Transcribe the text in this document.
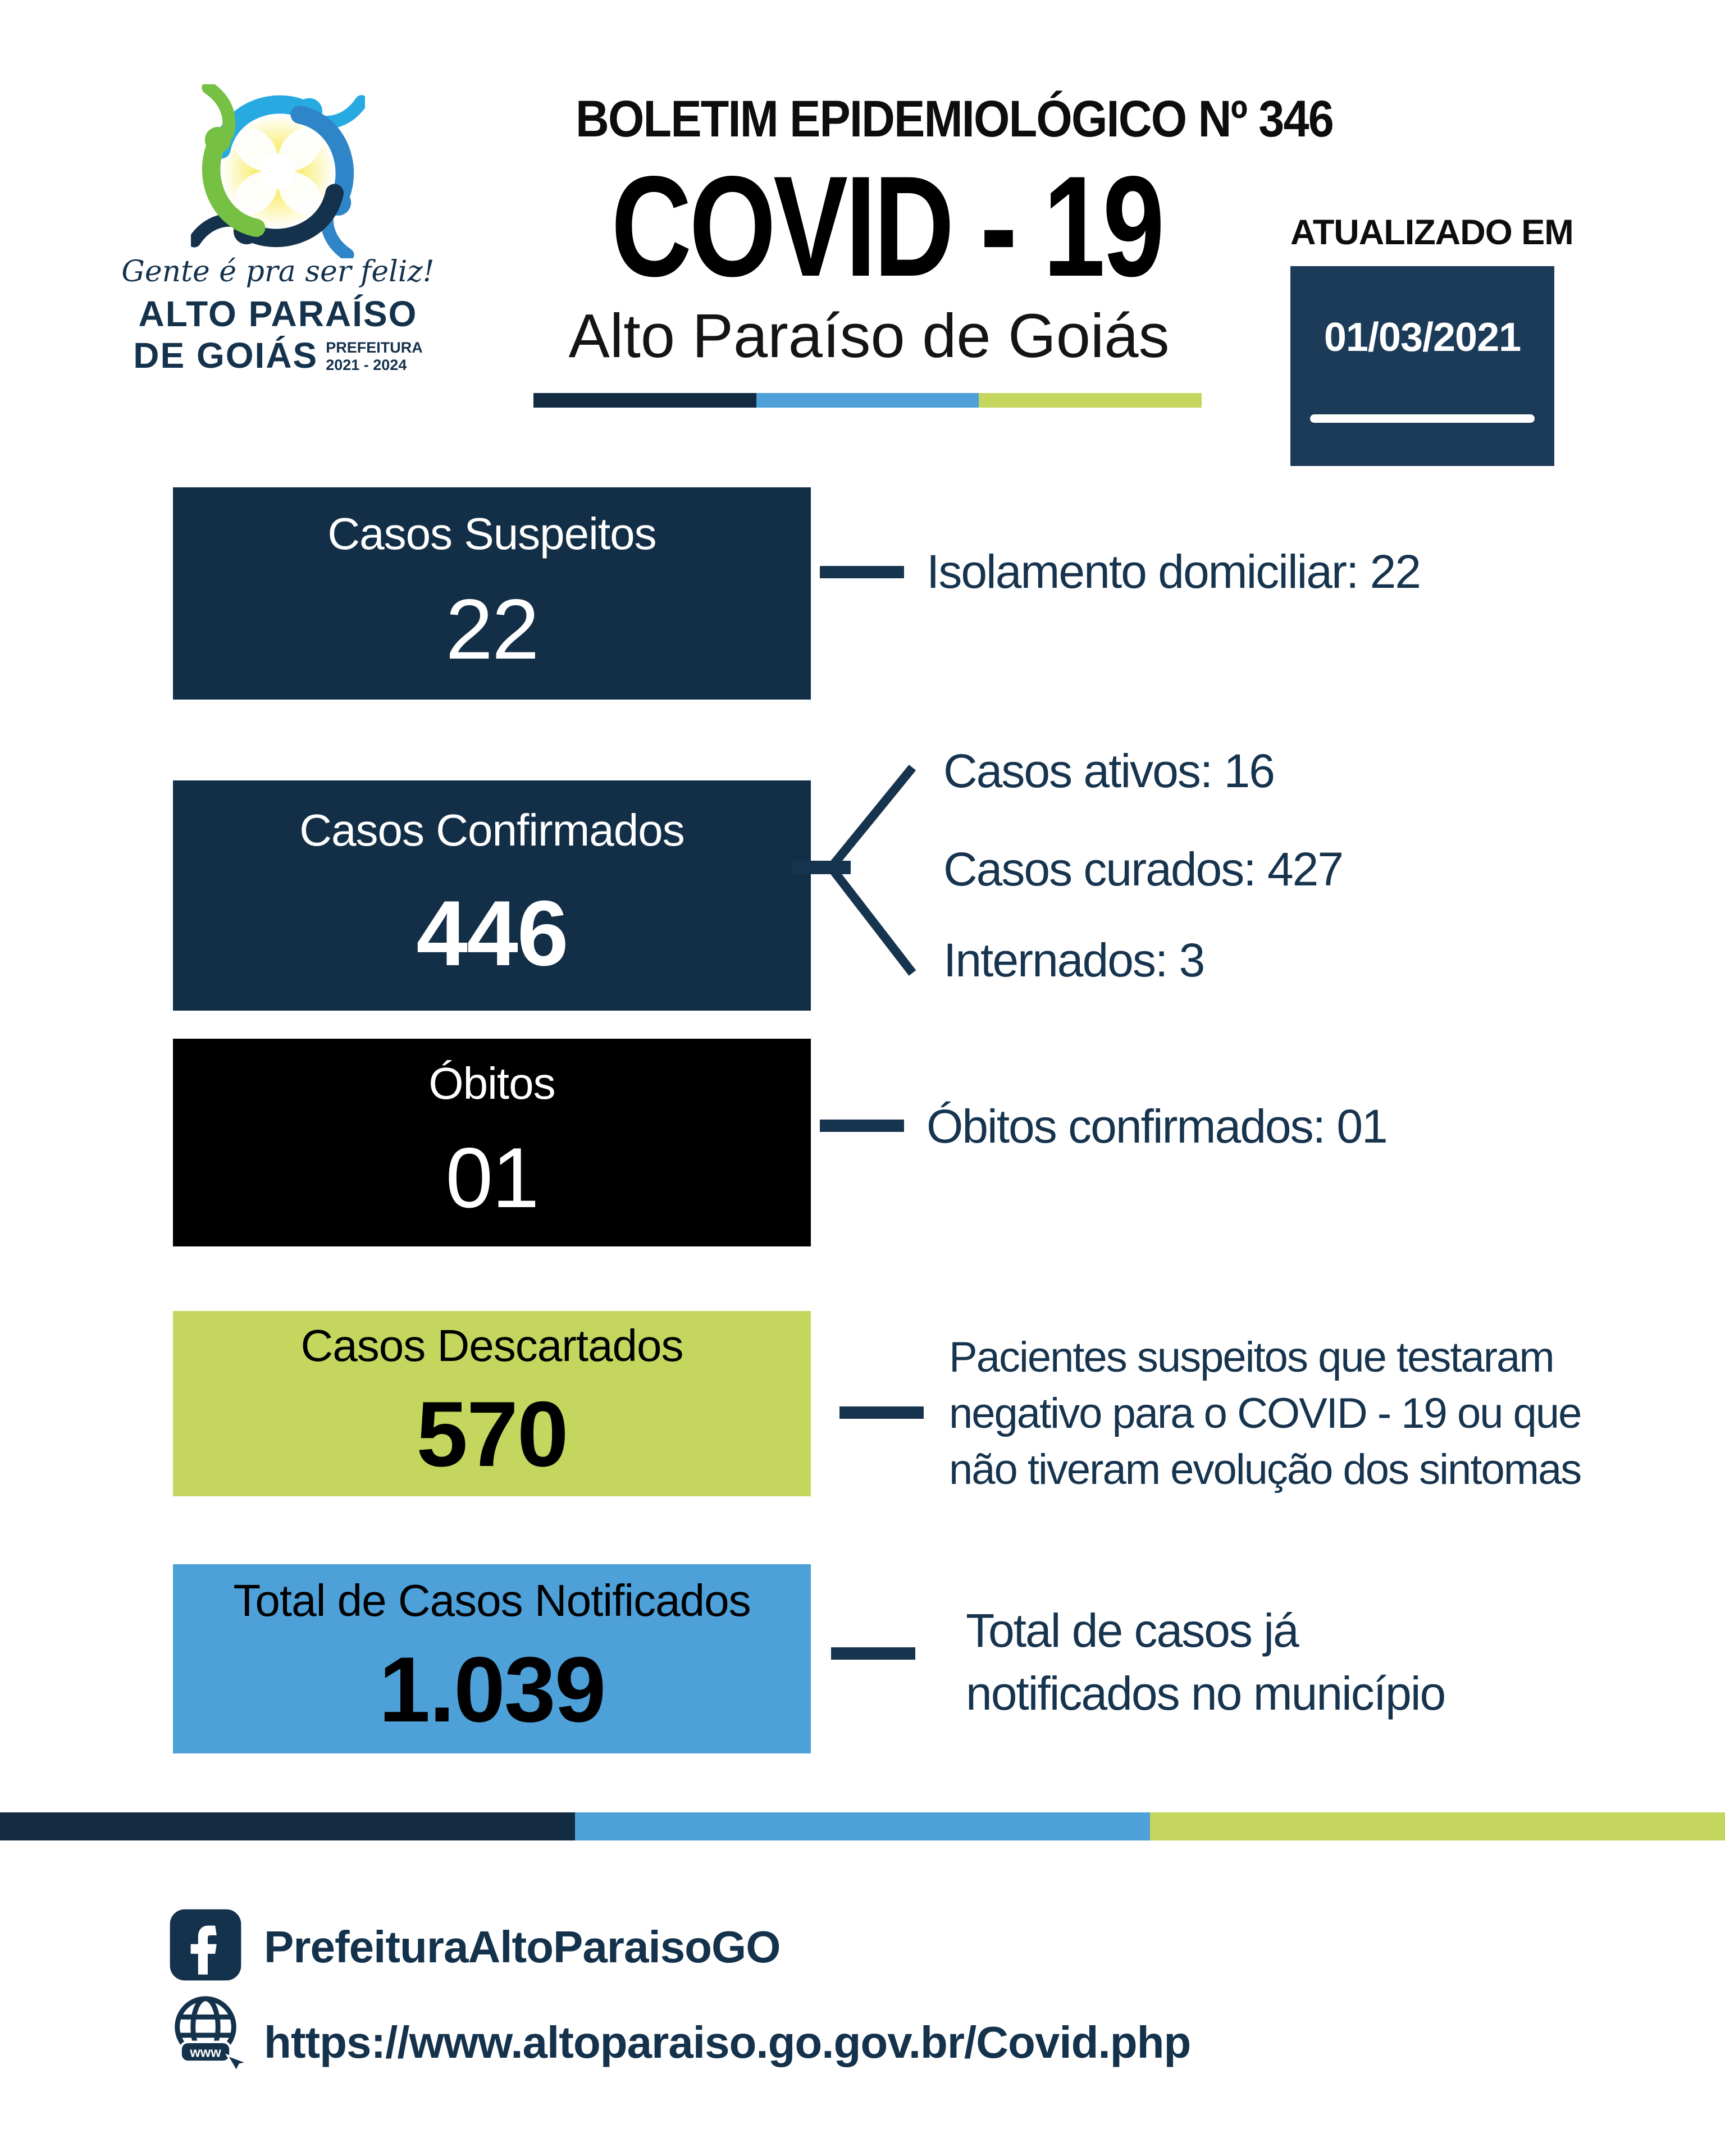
Gente é pra ser feliz!
ALTO PARAÍSO
DE GOIÁS PREFEITURA
2021 - 2024
BOLETIM EPIDEMIOLÓGICO Nº 346
COVID - 19
Alto Paraíso de Goiás
ATUALIZADO EM
01/03/2021
Casos Suspeitos
22
Isolamento domiciliar: 22
Casos Confirmados
446
Casos ativos: 16
Casos curados: 427
Internados: 3
Óbitos
01
Óbitos confirmados: 01
Casos Descartados
570
Pacientes suspeitos que testaram
negativo para o COVID - 19 ou que
não tiveram evolução dos sintomas
Total de Casos Notificados
1.039
Total de casos já
notificados no município
PrefeituraAltoParaisoGO
www https://www.altoparaiso.go.gov.br/Covid.php
